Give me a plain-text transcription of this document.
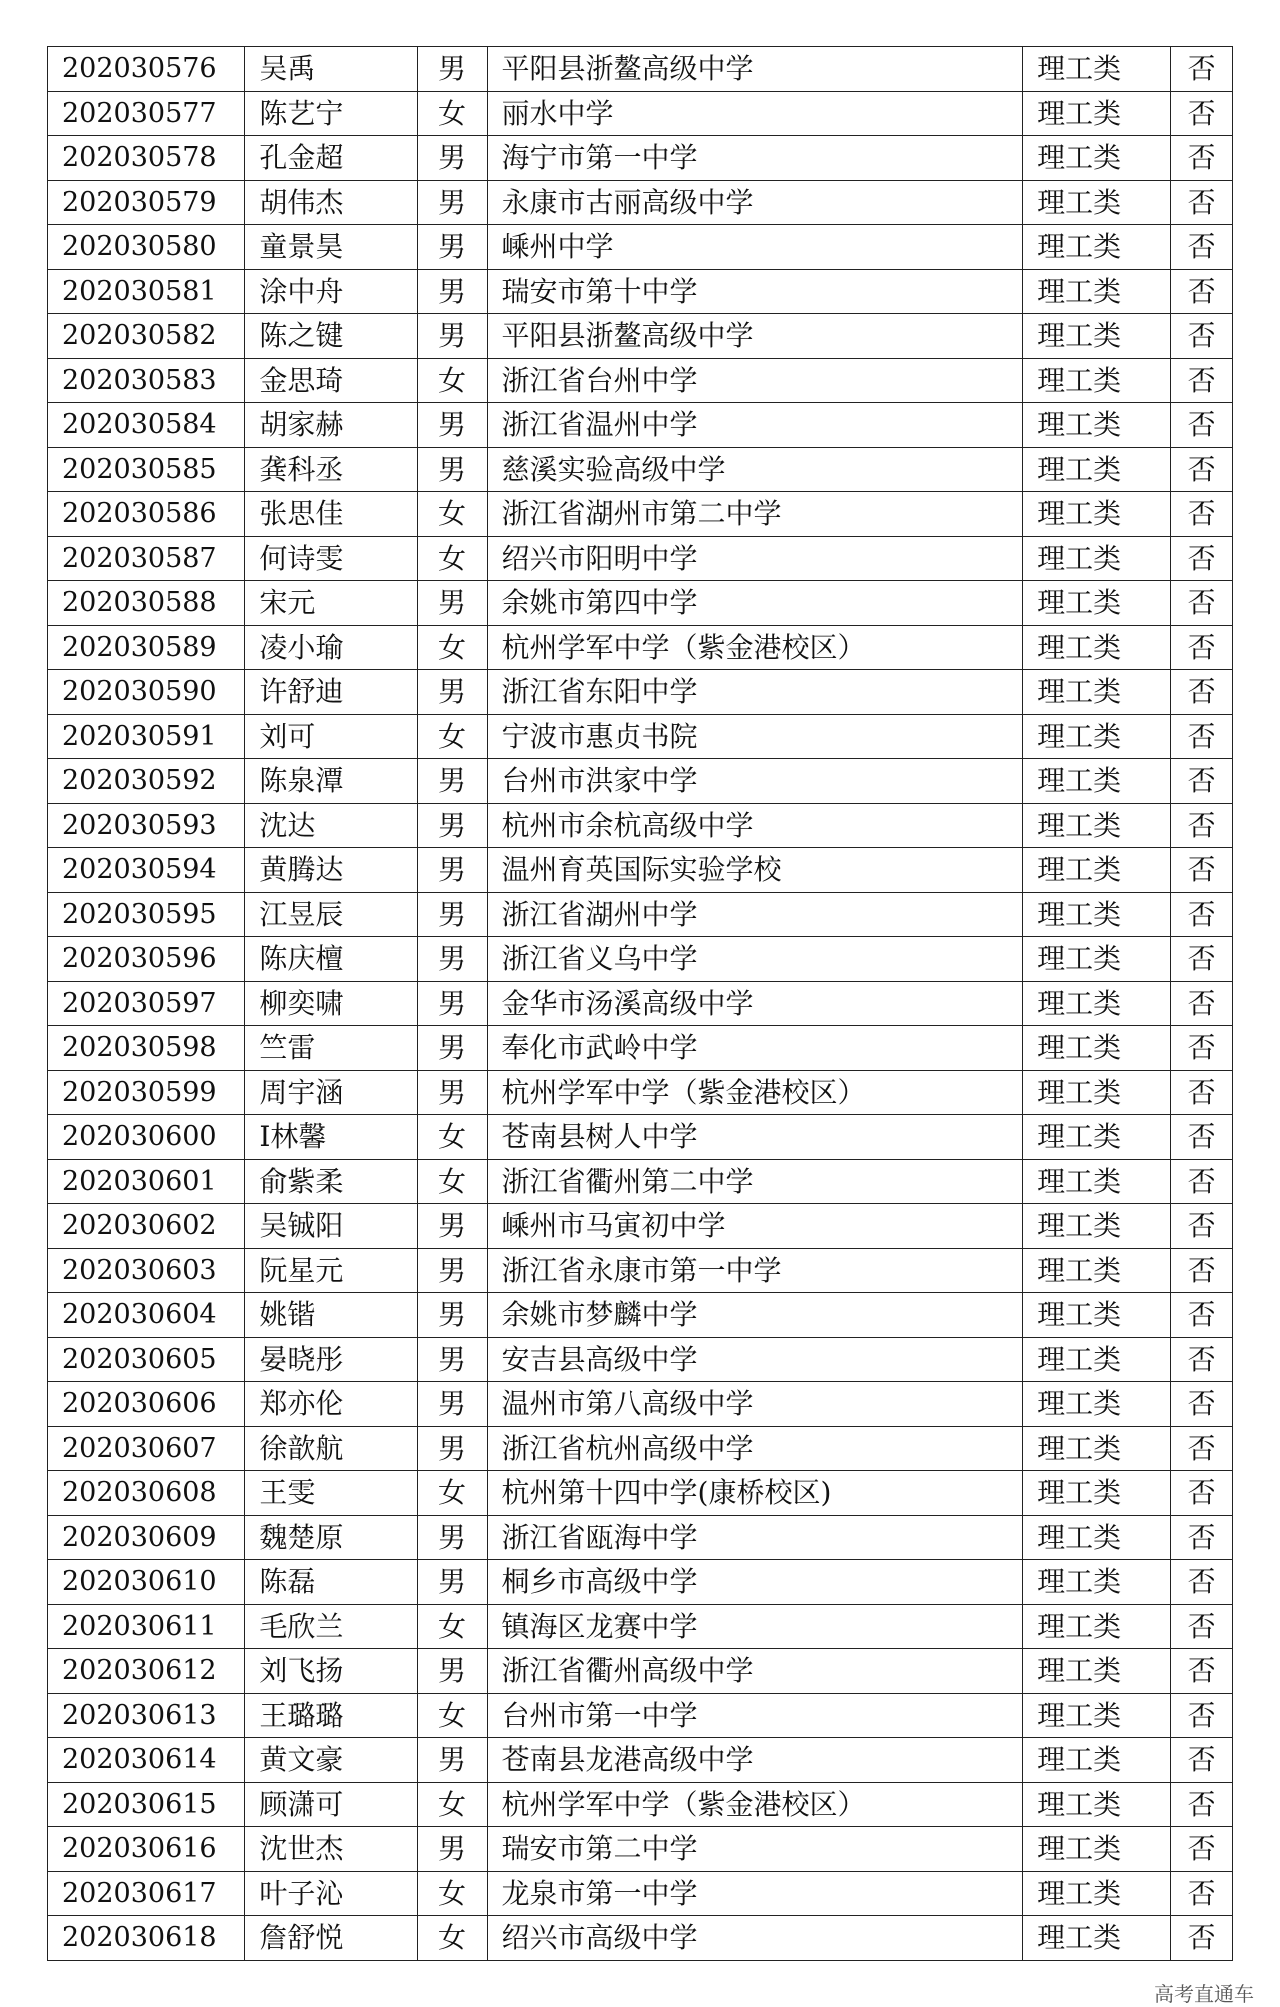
202030576	吴禹	男	平阳县浙鳌高级中学	理工类	否
202030577	陈艺宁	女	丽水中学	理工类	否
202030578	孔金超	男	海宁市第一中学	理工类	否
202030579	胡伟杰	男	永康市古丽高级中学	理工类	否
202030580	童景昊	男	嵊州中学	理工类	否
202030581	涂中舟	男	瑞安市第十中学	理工类	否
202030582	陈之键	男	平阳县浙鳌高级中学	理工类	否
202030583	金思琦	女	浙江省台州中学	理工类	否
202030584	胡家赫	男	浙江省温州中学	理工类	否
202030585	龚科丞	男	慈溪实验高级中学	理工类	否
202030586	张思佳	女	浙江省湖州市第二中学	理工类	否
202030587	何诗雯	女	绍兴市阳明中学	理工类	否
202030588	宋元	男	余姚市第四中学	理工类	否
202030589	凌小瑜	女	杭州学军中学（紫金港校区）	理工类	否
202030590	许舒迪	男	浙江省东阳中学	理工类	否
202030591	刘可	女	宁波市惠贞书院	理工类	否
202030592	陈泉潭	男	台州市洪家中学	理工类	否
202030593	沈达	男	杭州市余杭高级中学	理工类	否
202030594	黄腾达	男	温州育英国际实验学校	理工类	否
202030595	江昱辰	男	浙江省湖州中学	理工类	否
202030596	陈庆檀	男	浙江省义乌中学	理工类	否
202030597	柳奕啸	男	金华市汤溪高级中学	理工类	否
202030598	竺雷	男	奉化市武岭中学	理工类	否
202030599	周宇涵	男	杭州学军中学（紫金港校区）	理工类	否
202030600	I林馨	女	苍南县树人中学	理工类	否
202030601	俞紫柔	女	浙江省衢州第二中学	理工类	否
202030602	吴铖阳	男	嵊州市马寅初中学	理工类	否
202030603	阮星元	男	浙江省永康市第一中学	理工类	否
202030604	姚锴	男	余姚市梦麟中学	理工类	否
202030605	晏晓彤	男	安吉县高级中学	理工类	否
202030606	郑亦伦	男	温州市第八高级中学	理工类	否
202030607	徐歆航	男	浙江省杭州高级中学	理工类	否
202030608	王雯	女	杭州第十四中学(康桥校区)	理工类	否
202030609	魏楚原	男	浙江省瓯海中学	理工类	否
202030610	陈磊	男	桐乡市高级中学	理工类	否
202030611	毛欣兰	女	镇海区龙赛中学	理工类	否
202030612	刘飞扬	男	浙江省衢州高级中学	理工类	否
202030613	王璐璐	女	台州市第一中学	理工类	否
202030614	黄文豪	男	苍南县龙港高级中学	理工类	否
202030615	顾潇可	女	杭州学军中学（紫金港校区）	理工类	否
202030616	沈世杰	男	瑞安市第二中学	理工类	否
202030617	叶子沁	女	龙泉市第一中学	理工类	否
202030618	詹舒悦	女	绍兴市高级中学	理工类	否
高考直通车
